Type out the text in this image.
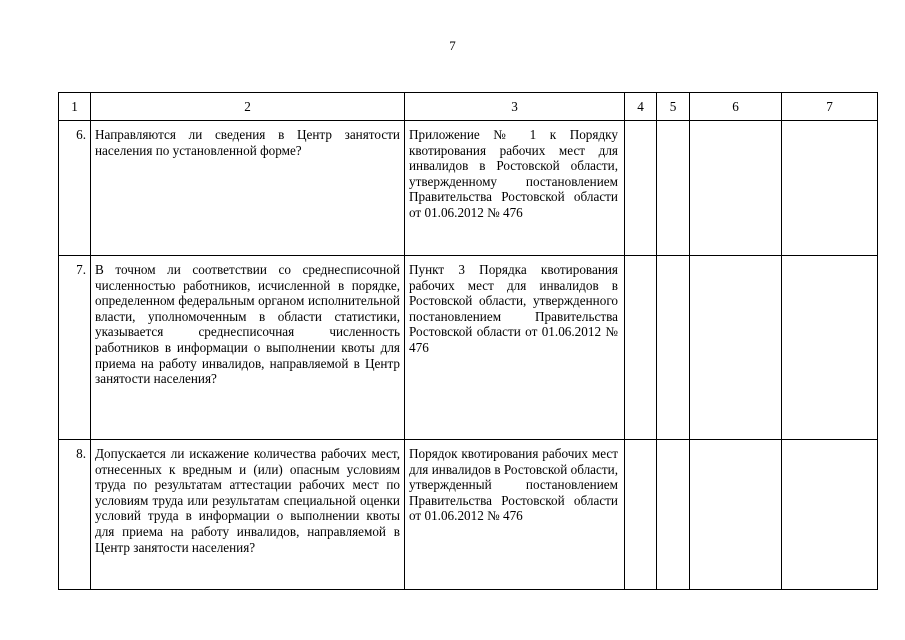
7
1	2	3	4	5	6	7
6.	Направляются ли сведения в Центр занятости населения по установленной форме?	Приложение № 1 к Порядку квотирования рабочих мест для инвалидов в Ростовской области, утвержденному постановлением Правительства Ростовской области от 01.06.2012 № 476				

7.	В точном ли соответствии со среднесписочной численностью работников, исчисленной в порядке, определенном федеральным органом исполнительной власти, уполномоченным в области статистики, указывается среднесписочная численность работников в информации о выполнении квоты для приема на работу инвалидов, направляемой в Центр занятости населения?	Пункт 3 Порядка квотирования рабочих мест для инвалидов в Ростовской области, утвержденного постановлением Правительства Ростовской области от 01.06.2012 № 476				

8.	Допускается ли искажение количества рабочих мест, отнесенных к вредным и (или) опасным условиям труда по результатам аттестации рабочих мест по условиям труда или результатам специальной оценки условий труда в информации о выполнении квоты для приема на работу инвалидов, направляемой в Центр занятости населения?	Порядок квотирования рабочих мест для инвалидов в Ростовской области, утвержденный постановлением Правительства Ростовской области от 01.06.2012 № 476				
